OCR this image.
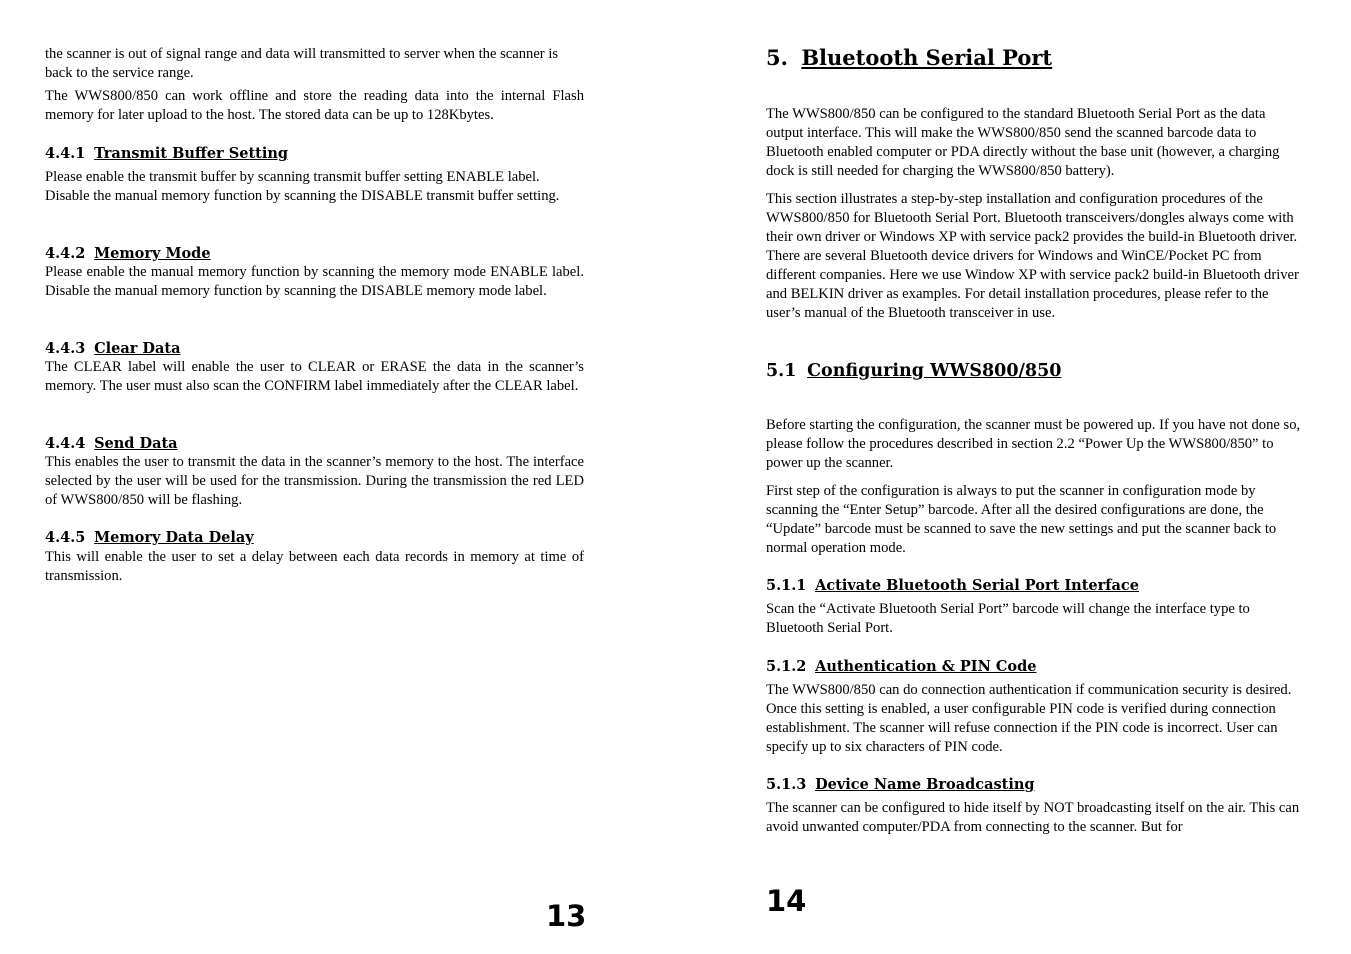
the scanner is out of signal range and data will transmitted to server when the scanner is back to the service range.

The WWS800/850 can work offline and store the reading data into the internal Flash memory for later upload to the host. The stored data can be up to 128Kbytes.

4.4.1 Transmit Buffer Setting

Please enable the transmit buffer by scanning transmit buffer setting ENABLE label. Disable the manual memory function by scanning the DISABLE transmit buffer setting.

4.4.2 Memory Mode

Please enable the manual memory function by scanning the memory mode ENABLE label. Disable the manual memory function by scanning the DISABLE memory mode label.

4.4.3 Clear Data

The CLEAR label will enable the user to CLEAR or ERASE the data in the scanner’s memory. The user must also scan the CONFIRM label immediately after the CLEAR label.

4.4.4 Send Data

This enables the user to transmit the data in the scanner’s memory to the host. The interface selected by the user will be used for the transmission. During the transmission the red LED of WWS800/850 will be flashing.

4.4.5 Memory Data Delay

This will enable the user to set a delay between each data records in memory at time of transmission.

13
5. Bluetooth Serial Port

The WWS800/850 can be configured to the standard Bluetooth Serial Port as the data output interface. This will make the WWS800/850 send the scanned barcode data to Bluetooth enabled computer or PDA directly without the base unit (however, a charging dock is still needed for charging the WWS800/850 battery).

This section illustrates a step-by-step installation and configuration procedures of the WWS800/850 for Bluetooth Serial Port. Bluetooth transceivers/dongles always come with their own driver or Windows XP with service pack2 provides the build-in Bluetooth driver. There are several Bluetooth device drivers for Windows and WinCE/Pocket PC from different companies. Here we use Window XP with service pack2 build-in Bluetooth driver and BELKIN driver as examples. For detail installation procedures, please refer to the user’s manual of the Bluetooth transceiver in use.

5.1 Configuring WWS800/850

Before starting the configuration, the scanner must be powered up. If you have not done so, please follow the procedures described in section 2.2 “Power Up the WWS800/850” to power up the scanner.

First step of the configuration is always to put the scanner in configuration mode by scanning the “Enter Setup” barcode. After all the desired configurations are done, the “Update” barcode must be scanned to save the new settings and put the scanner back to normal operation mode.

5.1.1 Activate Bluetooth Serial Port Interface

Scan the “Activate Bluetooth Serial Port” barcode will change the interface type to Bluetooth Serial Port.

5.1.2 Authentication & PIN Code

The WWS800/850 can do connection authentication if communication security is desired. Once this setting is enabled, a user configurable PIN code is verified during connection establishment. The scanner will refuse connection if the PIN code is incorrect. User can specify up to six characters of PIN code.

5.1.3 Device Name Broadcasting

The scanner can be configured to hide itself by NOT broadcasting itself on the air. This can avoid unwanted computer/PDA from connecting to the scanner. But for

14
